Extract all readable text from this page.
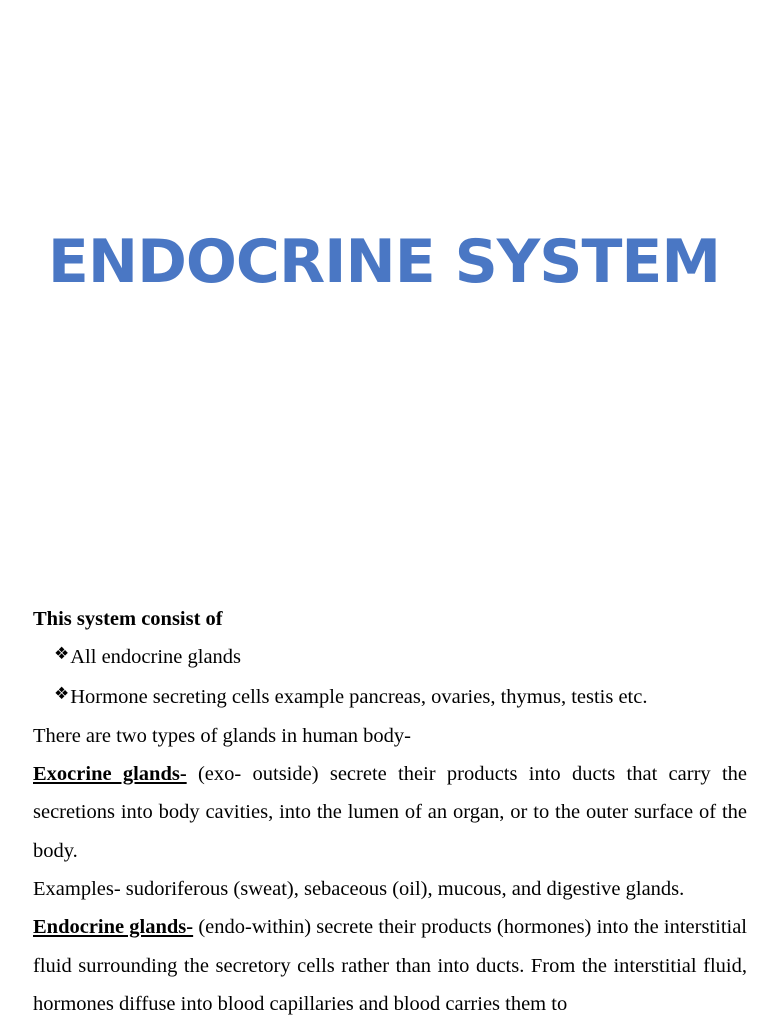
ENDOCRINE SYSTEM

This system consist of

❖All endocrine glands

❖Hormone secreting cells example pancreas, ovaries, thymus, testis etc.

There are two types of glands in human body-

Exocrine glands- (exo- outside) secrete their products into ducts that carry the secretions into body cavities, into the lumen of an organ, or to the outer surface of the body.

Examples- sudoriferous (sweat), sebaceous (oil), mucous, and digestive glands.

Endocrine glands- (endo-within) secrete their products (hormones) into the interstitial fluid surrounding the secretory cells rather than into ducts. From the interstitial fluid, hormones diffuse into blood capillaries and blood carries them to
